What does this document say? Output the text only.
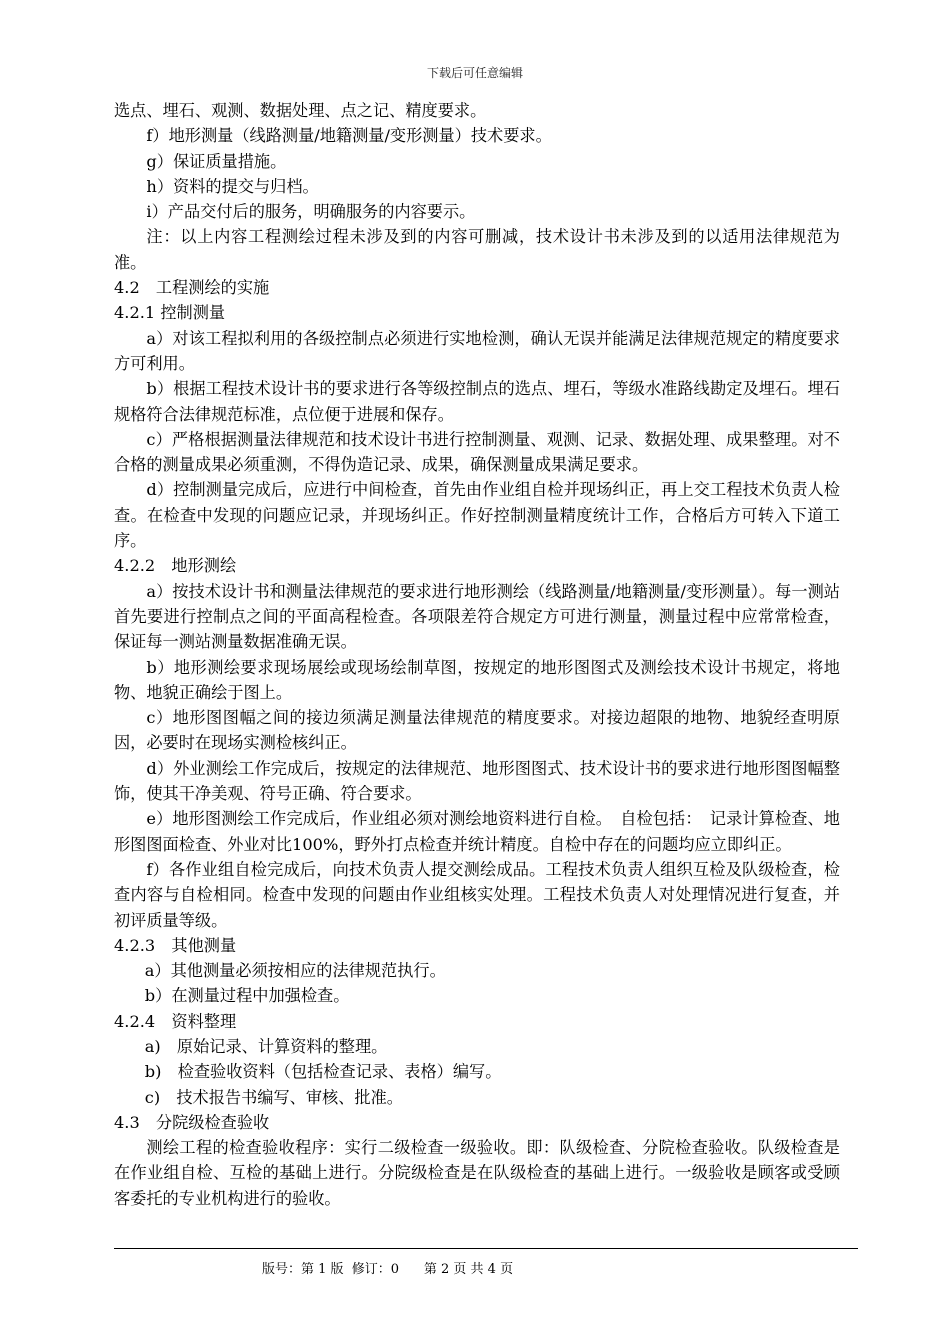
下载后可任意编辑

选点、埋石、观测、数据处理、点之记、精度要求。

f）地形测量（线路测量/地籍测量/变形测量）技术要求。

g）保证质量措施。

h）资料的提交与归档。

i）产品交付后的服务，明确服务的内容要示。

注：以上内容工程测绘过程未涉及到的内容可删减，技术设计书未涉及到的以适用法律规范为准。

4.2　工程测绘的实施

4.2.1 控制测量

a）对该工程拟利用的各级控制点必须进行实地检测，确认无误并能满足法律规范规定的精度要求方可利用。

b）根据工程技术设计书的要求进行各等级控制点的选点、埋石，等级水准路线勘定及埋石。埋石规格符合法律规范标准，点位便于进展和保存。

c）严格根据测量法律规范和技术设计书进行控制测量、观测、记录、数据处理、成果整理。对不合格的测量成果必须重测，不得伪造记录、成果，确保测量成果满足要求。

d）控制测量完成后，应进行中间检查，首先由作业组自检并现场纠正，再上交工程技术负责人检查。在检查中发现的问题应记录，并现场纠正。作好控制测量精度统计工作，合格后方可转入下道工序。

4.2.2　地形测绘

a）按技术设计书和测量法律规范的要求进行地形测绘（线路测量/地籍测量/变形测量）。每一测站首先要进行控制点之间的平面高程检查。各项限差符合规定方可进行测量，测量过程中应常常检查，保证每一测站测量数据准确无误。

b）地形测绘要求现场展绘或现场绘制草图，按规定的地形图图式及测绘技术设计书规定，将地物、地貌正确绘于图上。

c）地形图图幅之间的接边须满足测量法律规范的精度要求。对接边超限的地物、地貌经查明原因，必要时在现场实测检核纠正。

d）外业测绘工作完成后，按规定的法律规范、地形图图式、技术设计书的要求进行地形图图幅整饰，使其干净美观、符号正确、符合要求。

e）地形图测绘工作完成后，作业组必须对测绘地资料进行自检。　自检包括：　记录计算检查、地形图图面检查、外业对比100%，野外打点检查并统计精度。自检中存在的问题均应立即纠正。

f）各作业组自检完成后，向技术负责人提交测绘成品。工程技术负责人组织互检及队级检查，检查内容与自检相同。检查中发现的问题由作业组核实处理。工程技术负责人对处理情况进行复查，并初评质量等级。

4.2.3　其他测量

a）其他测量必须按相应的法律规范执行。

b）在测量过程中加强检查。

4.2.4　资料整理

a)　原始记录、计算资料的整理。

b)　检查验收资料（包括检查记录、表格）编写。

c)　技术报告书编写、审核、批准。

4.3　分院级检查验收

测绘工程的检查验收程序：实行二级检查一级验收。即：队级检查、分院检查验收。队级检查是在作业组自检、互检的基础上进行。分院级检查是在队级检查的基础上进行。一级验收是顾客或受顾客委托的专业机构进行的验收。

版号：第 1 版  修订：0      第 2 页 共 4 页
